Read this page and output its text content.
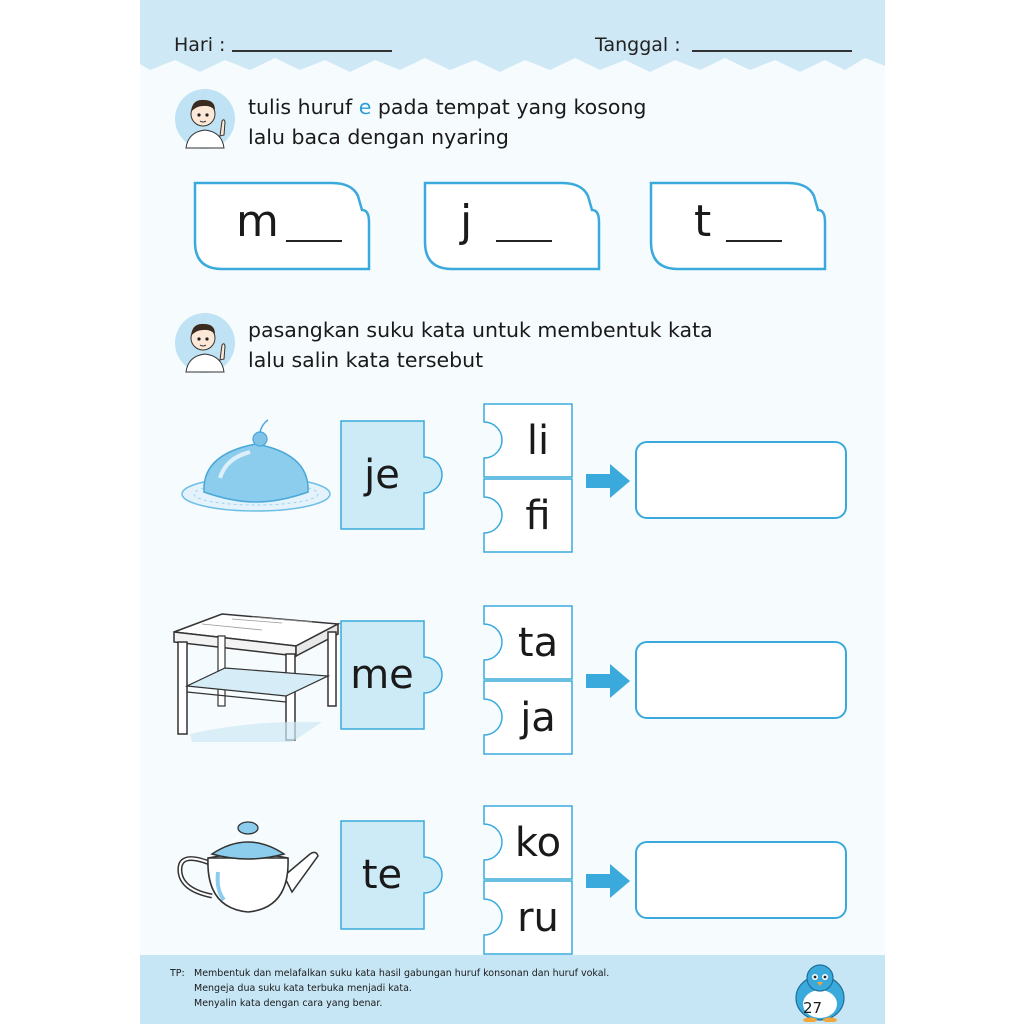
Hari :	Tanggal :
tulis huruf e pada tempat yang kosong
lalu baca dengan nyaring
m	j	t
pasangkan suku kata untuk membentuk kata
lalu salin kata tersebut
je
li
fi
me
ta
ja
te
ko
ru
TP: Membentuk dan melafalkan suku kata hasil gabungan huruf konsonan dan huruf vokal.
Mengeja dua suku kata terbuka menjadi kata.
Menyalin kata dengan cara yang benar.	27
